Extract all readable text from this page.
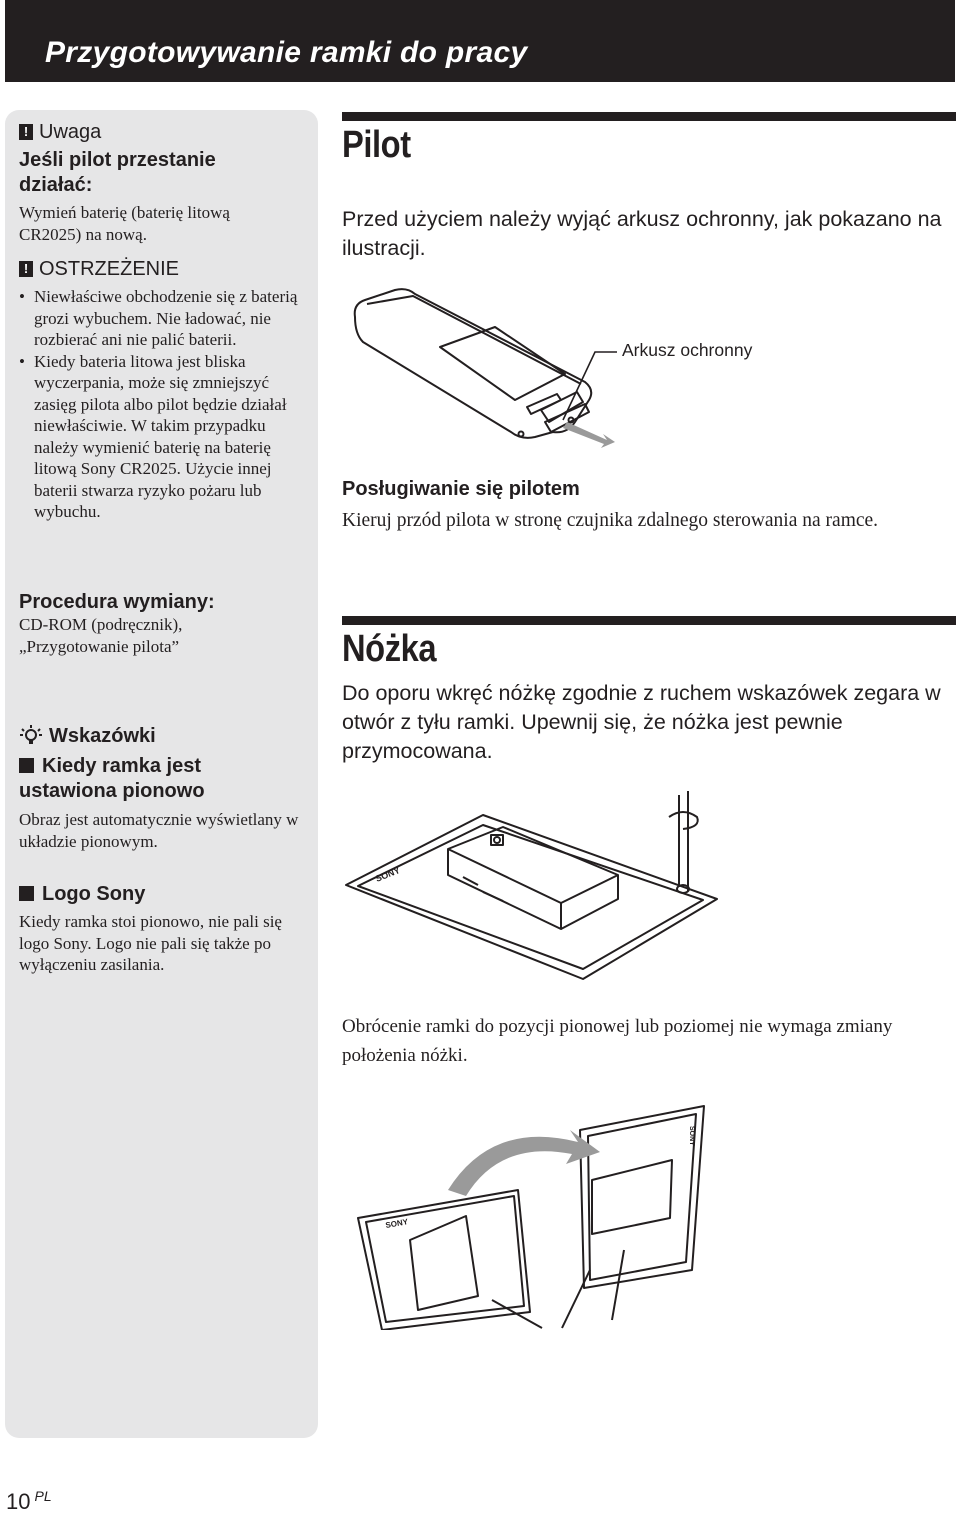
Przygotowywanie ramki do pracy
! Uwaga

Jeśli pilot przestanie działać:

Wymień baterię (baterię litową CR2025) na nową.

! OSTRZEŻENIE
• Niewłaściwe obchodzenie się z baterią grozi wybuchem. Nie ładować, nie rozbierać ani nie palić baterii.
• Kiedy bateria litowa jest bliska wyczerpania, może się zmniejszyć zasięg pilota albo pilot będzie działał niewłaściwie. W takim przypadku należy wymienić baterię na baterię litową Sony CR2025. Użycie innej baterii stwarza ryzyko pożaru lub wybuchu.

Procedura wymiany:

CD-ROM (podręcznik), „Przygotowanie pilota”

Wskazówki

Kiedy ramka jest ustawiona pionowo

Obraz jest automatycznie wyświetlany w układzie pionowym.

Logo Sony

Kiedy ramka stoi pionowo, nie pali się logo Sony. Logo nie pali się także po wyłączeniu zasilania.

Pilot

Przed użyciem należy wyjąć arkusz ochronny, jak pokazano na ilustracji.

Arkusz ochronny

Posługiwanie się pilotem

Kieruj przód pilota w stronę czujnika zdalnego sterowania na ramce.

Nóżka

Do oporu wkręć nóżkę zgodnie z ruchem wskazówek zegara w otwór z tyłu ramki. Upewnij się, że nóżka jest pewnie przymocowana.

SONY

Obrócenie ramki do pozycji pionowej lub poziomej nie wymaga zmiany położenia nóżki.

SONY
SONY
10 $^{PL}$
